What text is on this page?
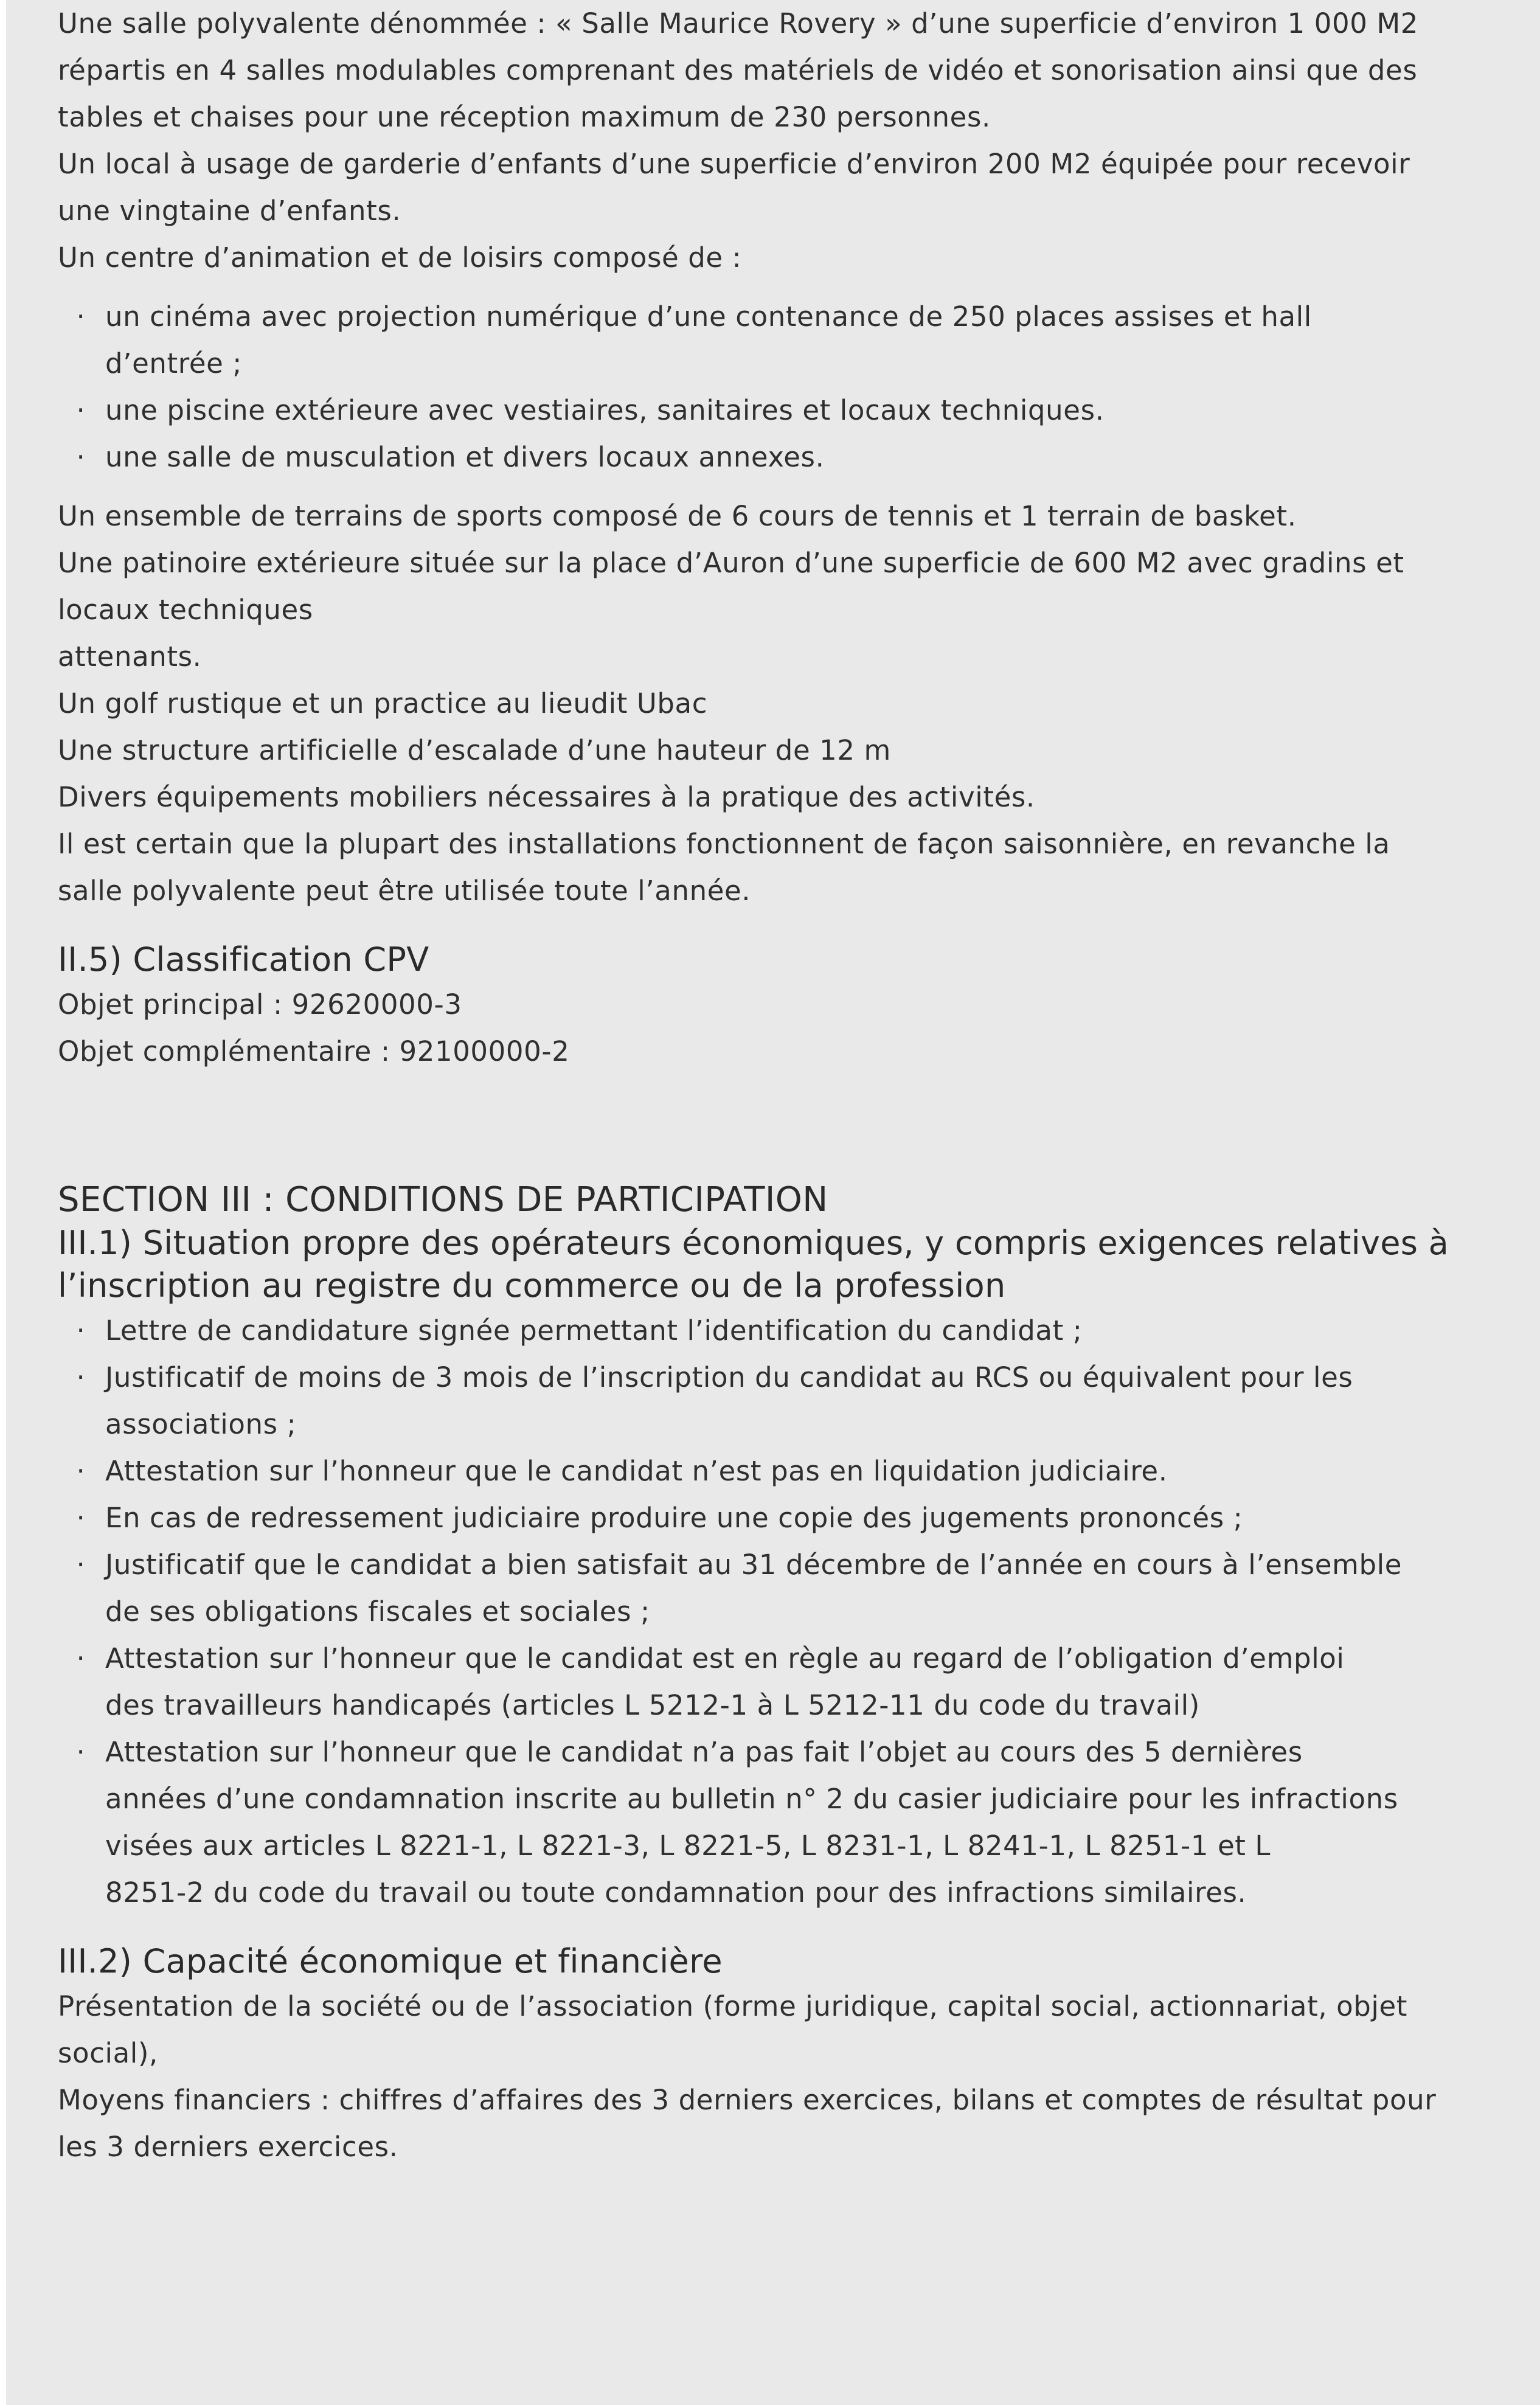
Une salle polyvalente dénommée : « Salle Maurice Rovery » d’une superficie d’environ 1 000 M2

répartis en 4 salles modulables comprenant des matériels de vidéo et sonorisation ainsi que des

tables et chaises pour une réception maximum de 230 personnes.

Un local à usage de garderie d’enfants d’une superficie d’environ 200 M2 équipée pour recevoir

une vingtaine d’enfants.

Un centre d’animation et de loisirs composé de :

· un cinéma avec projection numérique d’une contenance de 250 places assises et hall
d’entrée ;
· une piscine extérieure avec vestiaires, sanitaires et locaux techniques.
· une salle de musculation et divers locaux annexes.

Un ensemble de terrains de sports composé de 6 cours de tennis et 1 terrain de basket.

Une patinoire extérieure située sur la place d’Auron d’une superficie de 600 M2 avec gradins et

locaux techniques

attenants.

Un golf rustique et un practice au lieudit Ubac

Une structure artificielle d’escalade d’une hauteur de 12 m

Divers équipements mobiliers nécessaires à la pratique des activités.

Il est certain que la plupart des installations fonctionnent de façon saisonnière, en revanche la

salle polyvalente peut être utilisée toute l’année.

II.5) Classification CPV

Objet principal : 92620000-3

Objet complémentaire : 92100000-2

SECTION III : CONDITIONS DE PARTICIPATION
III.1) Situation propre des opérateurs économiques, y compris exigences relatives à
l’inscription au registre du commerce ou de la profession
· Lettre de candidature signée permettant l’identification du candidat ;
· Justificatif de moins de 3 mois de l’inscription du candidat au RCS ou équivalent pour les
associations ;
· Attestation sur l’honneur que le candidat n’est pas en liquidation judiciaire.
· En cas de redressement judiciaire produire une copie des jugements prononcés ;
· Justificatif que le candidat a bien satisfait au 31 décembre de l’année en cours à l’ensemble
de ses obligations fiscales et sociales ;
· Attestation sur l’honneur que le candidat est en règle au regard de l’obligation d’emploi
des travailleurs handicapés (articles L 5212-1 à L 5212-11 du code du travail)
· Attestation sur l’honneur que le candidat n’a pas fait l’objet au cours des 5 dernières
années d’une condamnation inscrite au bulletin n° 2 du casier judiciaire pour les infractions
visées aux articles L 8221-1, L 8221-3, L 8221-5, L 8231-1, L 8241-1, L 8251-1 et L
8251-2 du code du travail ou toute condamnation pour des infractions similaires.
III.2) Capacité économique et financière

Présentation de la société ou de l’association (forme juridique, capital social, actionnariat, objet

social),

Moyens financiers : chiffres d’affaires des 3 derniers exercices, bilans et comptes de résultat pour

les 3 derniers exercices.
